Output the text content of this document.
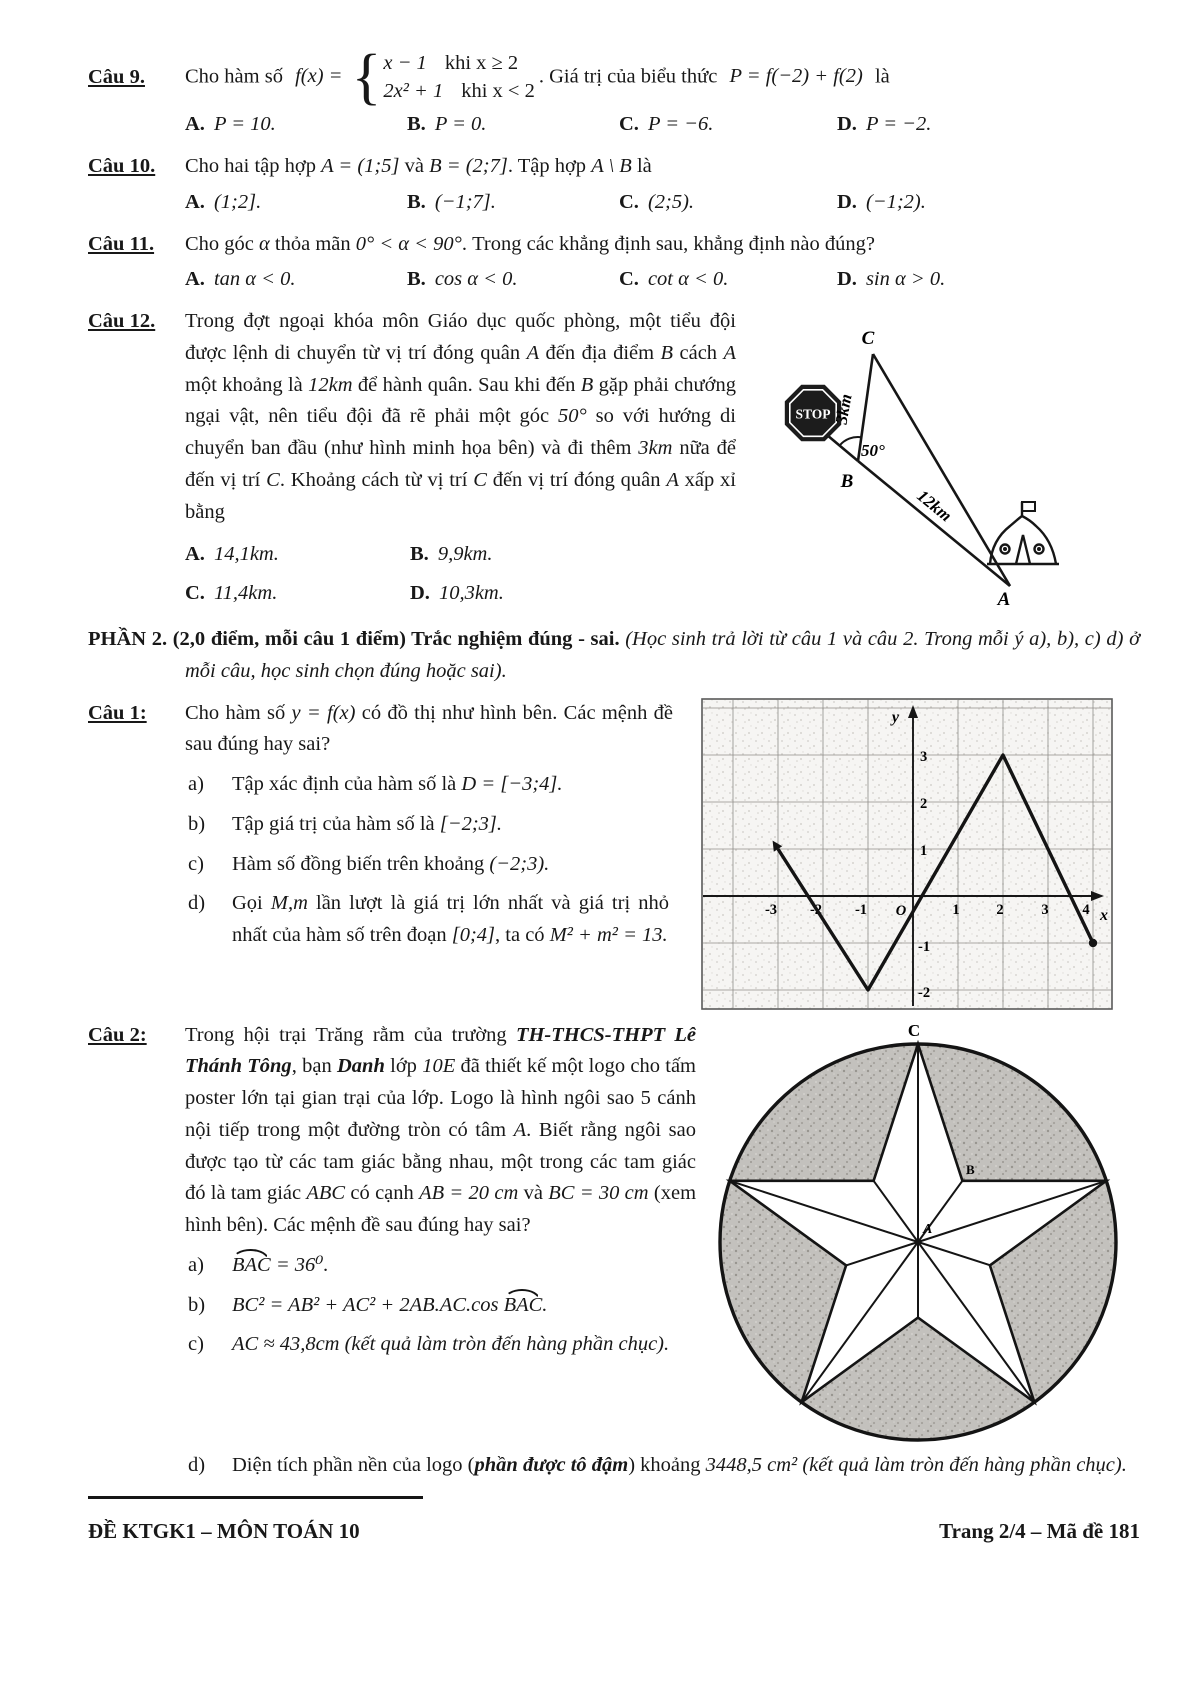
Câu 9.	Cho hàm số f(x) = { x − 1 khi x ≥ 2
2x² + 1 khi x < 2
. Giá trị của biểu thức P = f(−2) + f(2) là
A. P = 10.	B. P = 0.	C. P = −6.	D. P = −2.
Câu 10.	Cho hai tập hợp A = (1;5] và B = (2;7]. Tập hợp A \ B là
A. (1;2].	B. (−1;7].	C. (2;5).	D. (−1;2).
Câu 11.	Cho góc α thỏa mãn 0° < α < 90°. Trong các khẳng định sau, khẳng định nào đúng?
A. tan α < 0.	B. cos α < 0.	C. cot α < 0.	D. sin α > 0.
Câu 12.	Trong đợt ngoại khóa môn Giáo dục quốc phòng, một tiểu đội được lệnh di chuyển từ vị trí đóng quân A đến địa điểm B cách A một khoảng là 12km để hành quân. Sau khi đến B gặp phải chướng ngại vật, nên tiểu đội đã rẽ phải một góc 50° so với hướng di chuyển ban đầu (như hình minh họa bên) và đi thêm 3km nữa để đến vị trí C. Khoảng cách từ vị trí C đến vị trí đóng quân A xấp xỉ bằng
A. 14,1km.	B. 9,9km.
C. 11,4km.	D. 10,3km.
50°
STOP 3km
12km
C
B
A
PHẦN 2. (2,0 điểm, mỗi câu 1 điểm) Trắc nghiệm đúng - sai. (Học sinh trả lời từ câu 1 và câu 2. Trong mỗi ý a), b), c) d) ở mỗi câu, học sinh chọn đúng hoặc sai).
Câu 1:	Cho hàm số y = f(x) có đồ thị như hình bên. Các mệnh đề sau đúng hay sai?
a)	Tập xác định của hàm số là D = [−3;4].
b)	Tập giá trị của hàm số là [−2;3].
c)	Hàm số đồng biến trên khoảng (−2;3).
d)	Gọi M,m lần lượt là giá trị lớn nhất và giá trị nhỏ nhất của hàm số trên đoạn [0;4], ta có M² + m² = 13.
y
x
-3 -2 -1	1	2	3 4
O
3
2
1
-1
-2
Câu 2:	Trong hội trại Trăng rằm của trường TH-THCS-THPT Lê Thánh Tông, bạn Danh lớp 10E đã thiết kế một logo cho tấm poster lớn tại gian trại của lớp. Logo là hình ngôi sao 5 cánh nội tiếp trong một đường tròn có tâm A. Biết rằng ngôi sao được tạo từ các tam giác bằng nhau, một trong các tam giác đó là tam giác ABC có cạnh AB = 20 cm và BC = 30 cm (xem hình bên). Các mệnh đề sau đúng hay sai?
a)	BAC = 36⁰.
b)	BC² = AB² + AC² + 2AB.AC.cos BAC.
c)	AC ≈ 43,8cm (kết quả làm tròn đến hàng phần chục).
C
B
A
d)	Diện tích phần nền của logo (phần được tô đậm) khoảng 3448,5 cm² (kết quả làm tròn đến hàng phần chục).
ĐỀ KTGK1 – MÔN TOÁN 10	Trang 2/4 – Mã đề 181
